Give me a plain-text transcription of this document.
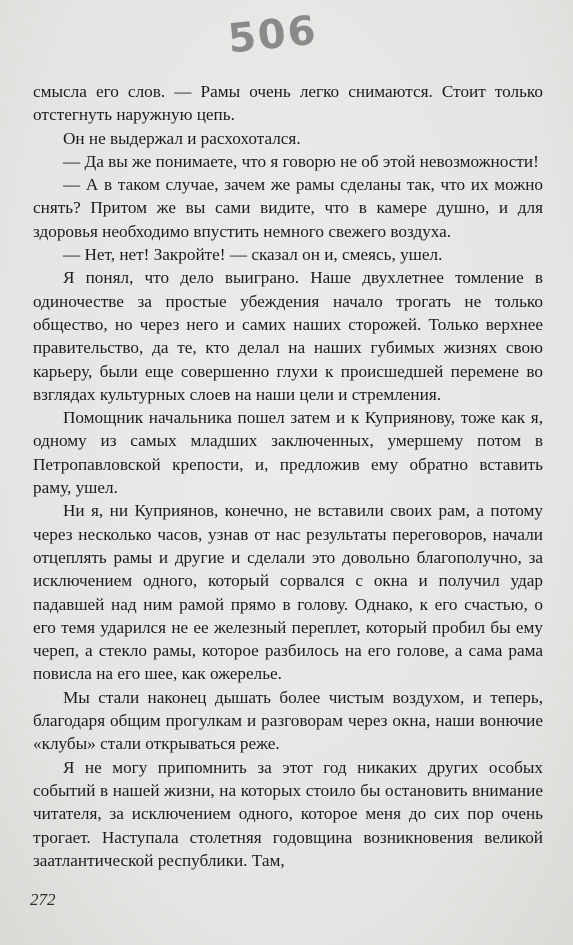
506

смысла его слов. — Рамы очень легко снимаются. Стоит только отстегнуть наружную цепь.

Он не выдержал и расхохотался.

— Да вы же понимаете, что я говорю не об этой невозможности!

— А в таком случае, зачем же рамы сделаны так, что их можно снять? Притом же вы сами видите, что в камере душно, и для здоровья необходимо впустить немного свежего воздуха.

— Нет, нет! Закройте! — сказал он и, смеясь, ушел.

Я понял, что дело выиграно. Наше двухлетнее томление в одиночестве за простые убеждения начало трогать не только общество, но через него и самих наших сторожей. Только верхнее правительство, да те, кто делал на наших губимых жизнях свою карьеру, были еще совершенно глухи к происшедшей перемене во взглядах культурных слоев на наши цели и стремления.

Помощник начальника пошел затем и к Куприянову, тоже как я, одному из самых младших заключенных, умершему потом в Петропавловской крепости, и, предложив ему обратно вставить раму, ушел.

Ни я, ни Куприянов, конечно, не вставили своих рам, а потому через несколько часов, узнав от нас результаты переговоров, начали отцеплять рамы и другие и сделали это довольно благополучно, за исключением одного, который сорвался с окна и получил удар падавшей над ним рамой прямо в голову. Однако, к его счастью, о его темя ударился не ее железный переплет, который пробил бы ему череп, а стекло рамы, которое разбилось на его голове, а сама рама повисла на его шее, как ожерелье.

Мы стали наконец дышать более чистым воздухом, и теперь, благодаря общим прогулкам и разговорам через окна, наши вонючие «клубы» стали открываться реже.

Я не могу припомнить за этот год никаких других особых событий в нашей жизни, на которых стоило бы остановить внимание читателя, за исключением одного, которое меня до сих пор очень трогает. Наступала столетняя годовщина возникновения великой заатлантической республики. Там,

272
